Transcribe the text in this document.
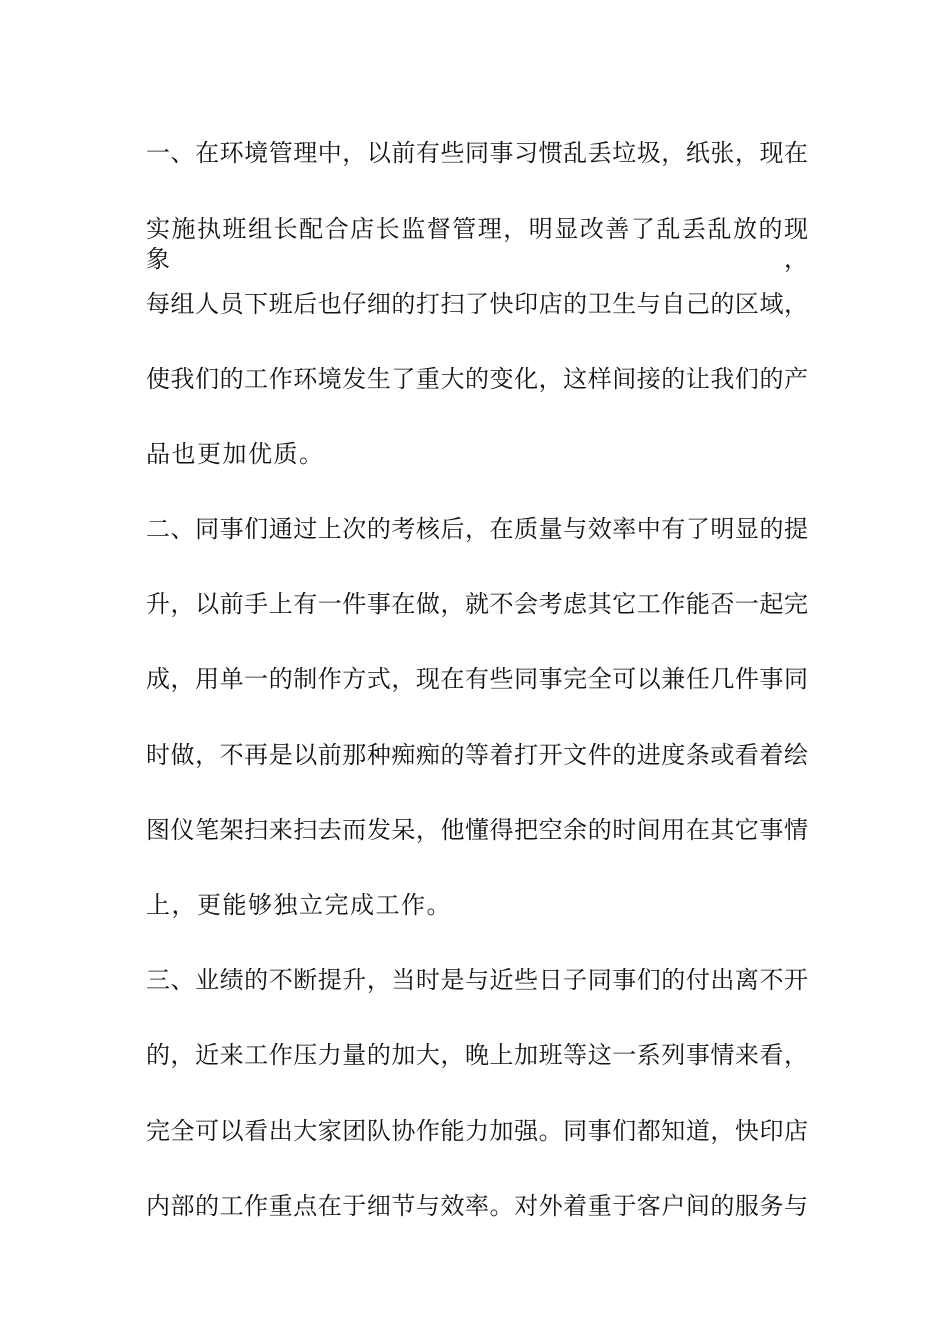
一、在环境管理中，以前有些同事习惯乱丢垃圾，纸张，现在
实施执班组长配合店长监督管理，明显改善了乱丢乱放的现象，
每组人员下班后也仔细的打扫了快印店的卫生与自己的区域，
使我们的工作环境发生了重大的变化，这样间接的让我们的产
品也更加优质。
二、同事们通过上次的考核后，在质量与效率中有了明显的提
升，以前手上有一件事在做，就不会考虑其它工作能否一起完
成，用单一的制作方式，现在有些同事完全可以兼任几件事同
时做，不再是以前那种痴痴的等着打开文件的进度条或看着绘
图仪笔架扫来扫去而发呆，他懂得把空余的时间用在其它事情
上，更能够独立完成工作。
三、业绩的不断提升，当时是与近些日子同事们的付出离不开
的，近来工作压力量的加大，晚上加班等这一系列事情来看，
完全可以看出大家团队协作能力加强。同事们都知道，快印店
内部的工作重点在于细节与效率。对外着重于客户间的服务与
